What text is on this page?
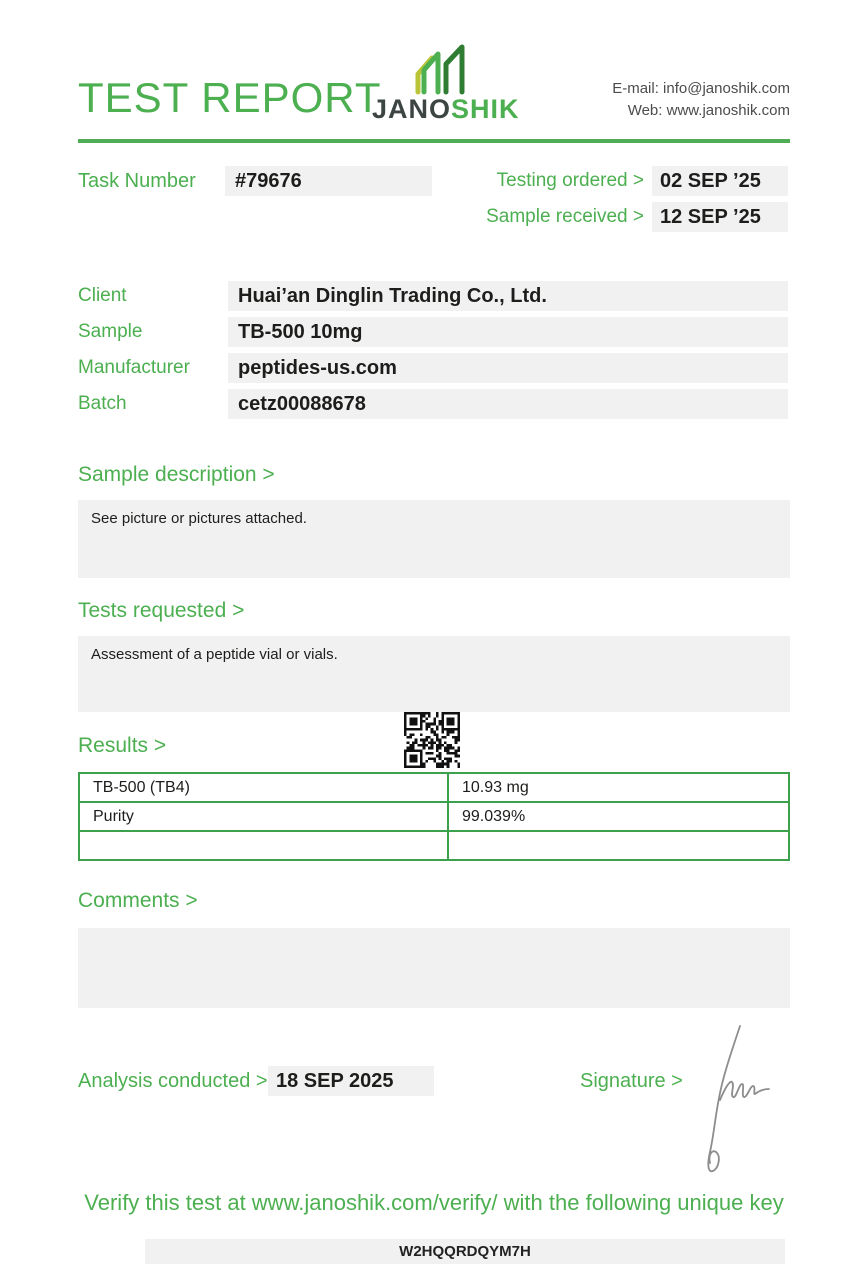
TEST REPORT
JANOSHIK
E-mail: info@janoshik.com
Web: www.janoshik.com
Task Number	#79676	Testing ordered > 02 SEP ’25
Sample received > 12 SEP ’25
Client	Huai’an Dinglin Trading Co., Ltd.
Sample	TB-500 10mg
Manufacturer	peptides-us.com
Batch	cetz00088678
Sample description >
See picture or pictures attached.
Tests requested >
Assessment of a peptide vial or vials.
Results >
TB-500 (TB4)	10.93 mg
Purity	99.039%

Comments >
Analysis conducted > 18 SEP 2025	Signature >
Verify this test at www.janoshik.com/verify/ with the following unique key
W2HQQRDQYM7H
